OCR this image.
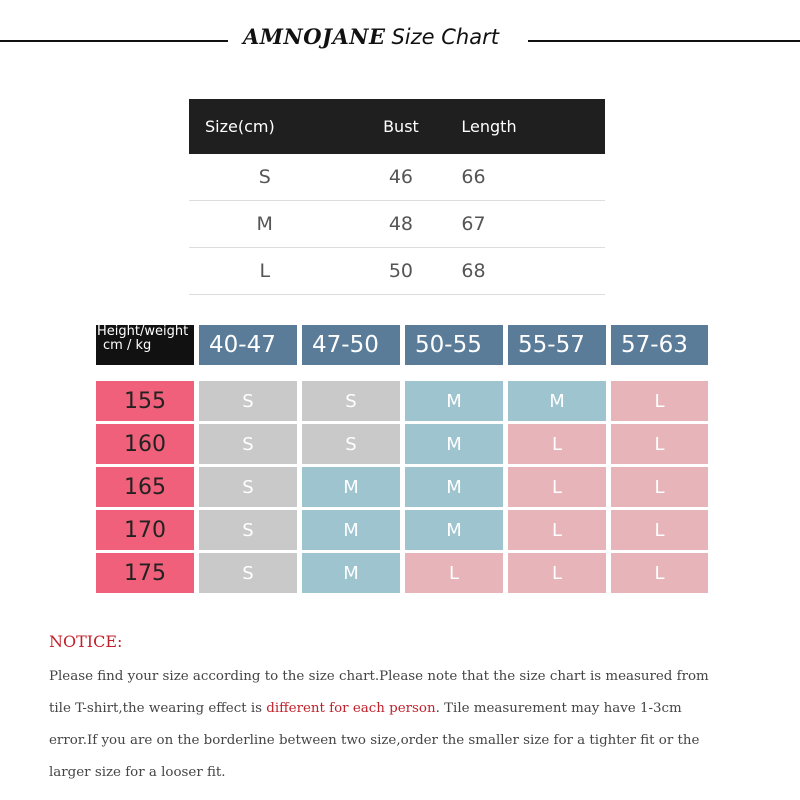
AMNOJANE Size Chart
Size(cm)	Bust	Length
S	46	66
M	48	67
L	50	68
Height/weight
cm / kg	40-47	47-50	50-55	55-57	57-63
155	S	S	M	M	L
160	S	S	M	L	L
165	S	M	M	L	L
170	S	M	M	L	L
175	S	M	L	L	L
NOTICE:

Please find your size according to the size chart.Please note that the size chart is measured from

tile T-shirt,the wearing effect is different for each person. Tile measurement may have 1-3cm

error.If you are on the borderline between two size,order the smaller size for a tighter fit or the

larger size for a looser fit.
